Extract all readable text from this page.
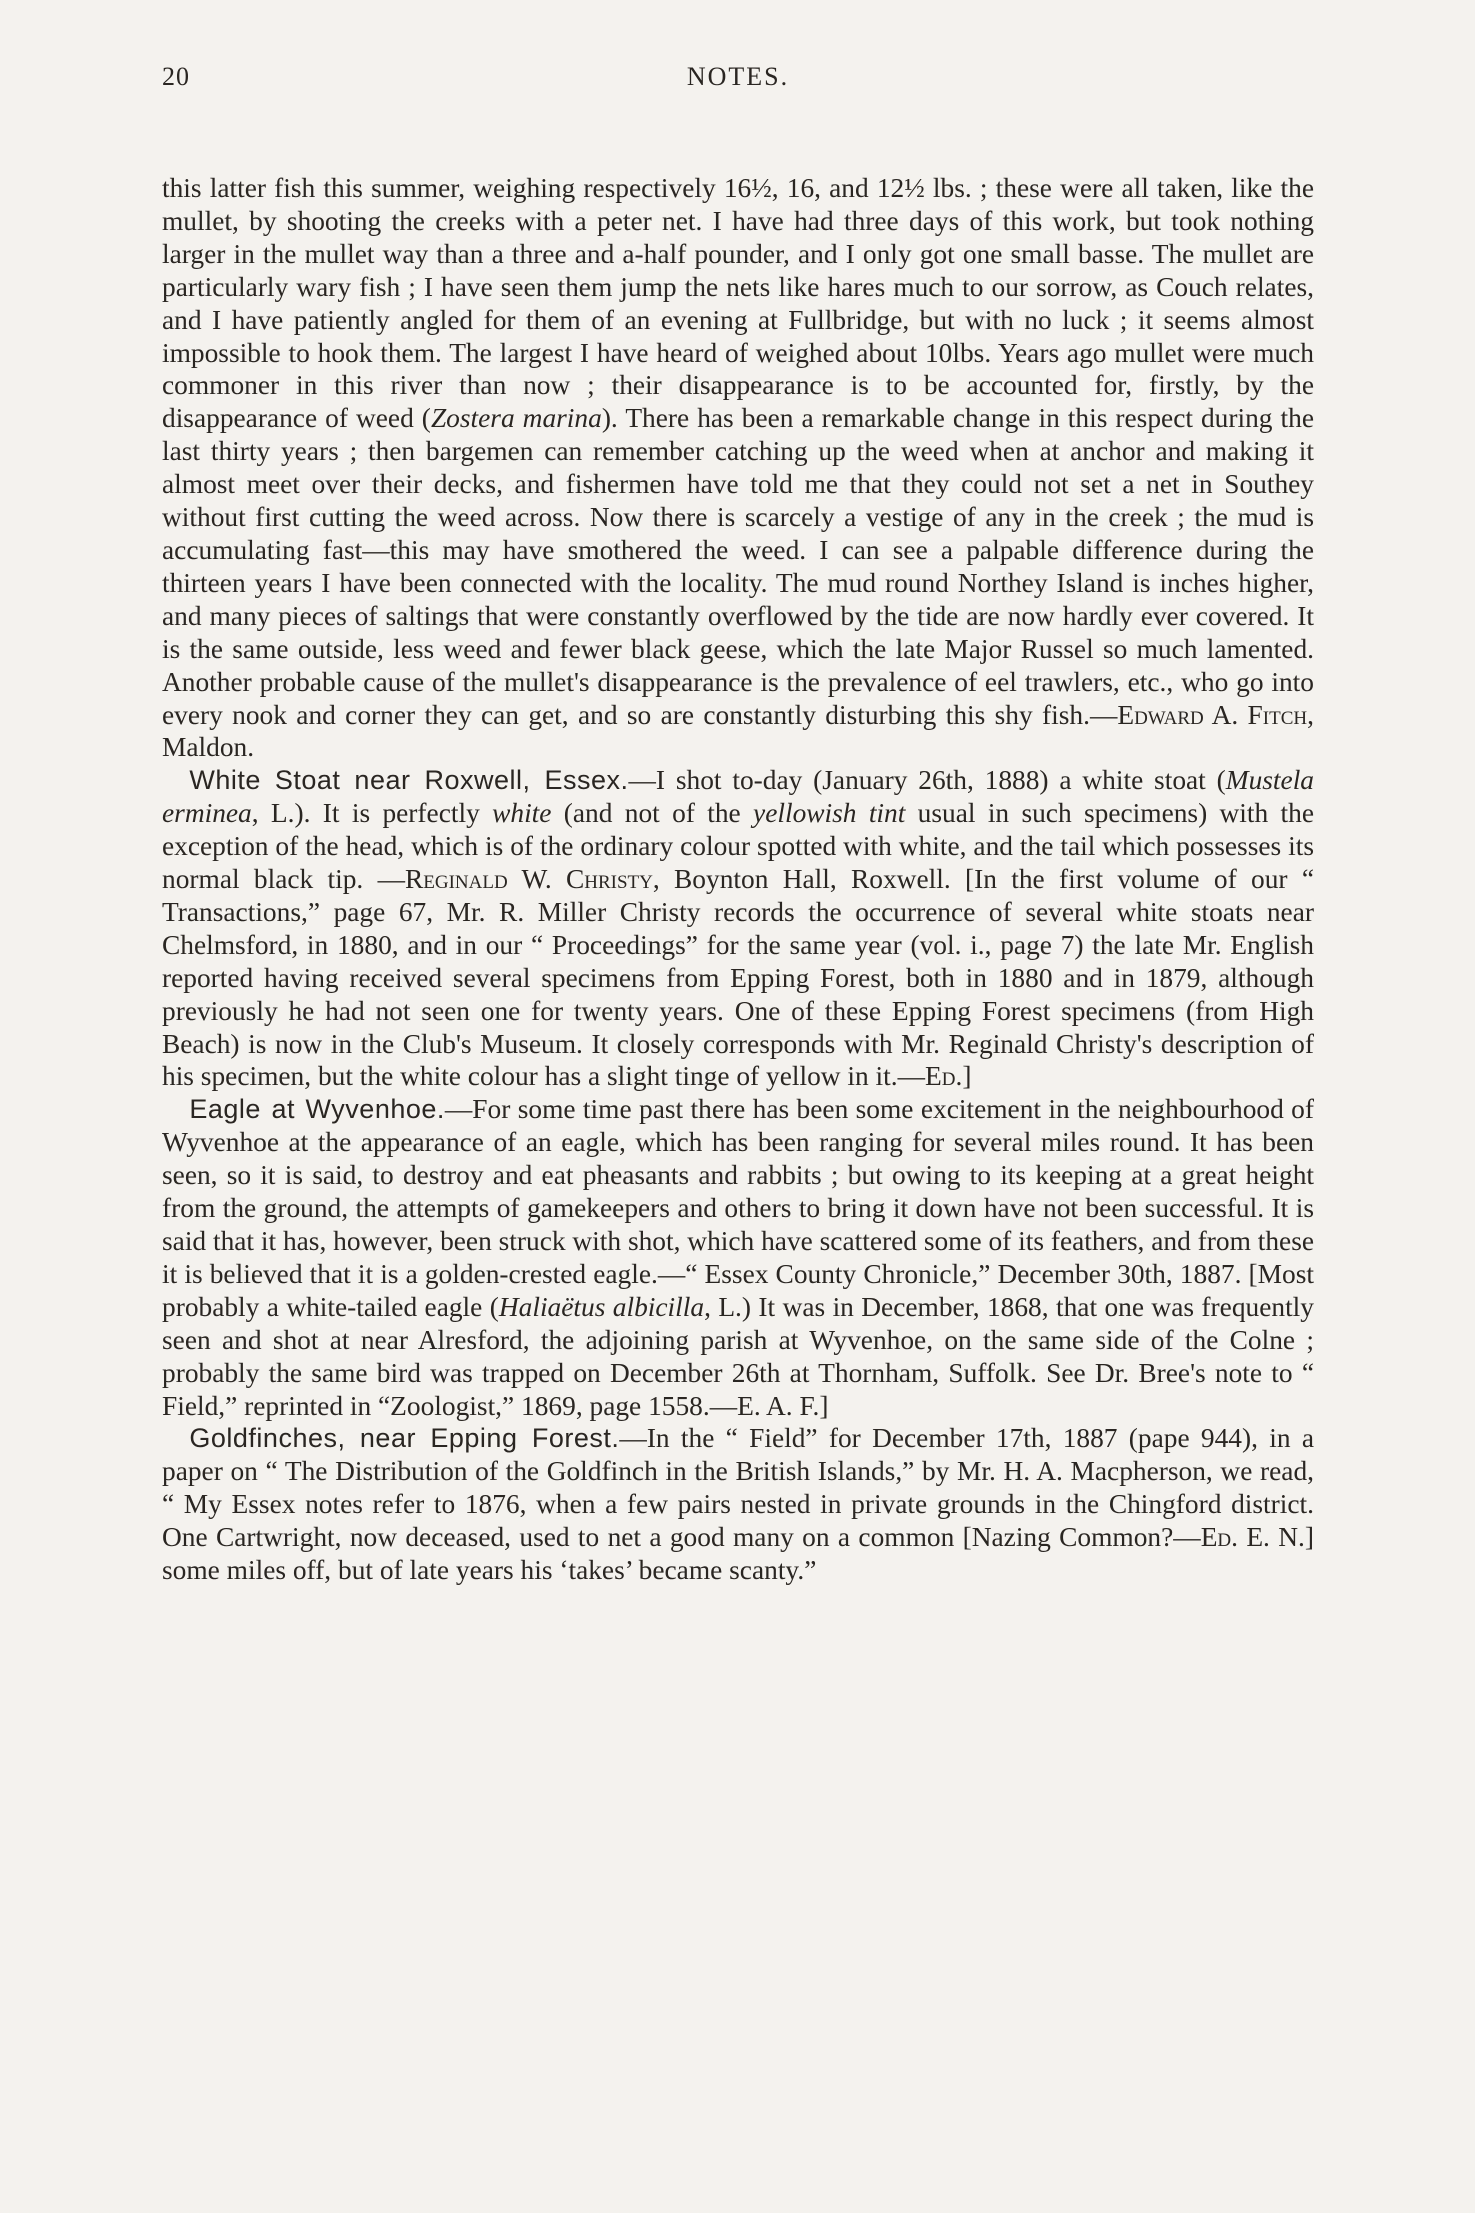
20	NOTES.

this latter fish this summer, weighing respectively 16½, 16, and 12½ lbs. ; these were all taken, like the mullet, by shooting the creeks with a peter net. I have had three days of this work, but took nothing larger in the mullet way than a three and a-half pounder, and I only got one small basse. The mullet are particularly wary fish ; I have seen them jump the nets like hares much to our sorrow, as Couch relates, and I have patiently angled for them of an evening at Fullbridge, but with no luck ; it seems almost impossible to hook them. The largest I have heard of weighed about 10lbs. Years ago mullet were much commoner in this river than now ; their disappearance is to be accounted for, firstly, by the disappearance of weed (Zostera marina). There has been a remarkable change in this respect during the last thirty years ; then bargemen can remember catching up the weed when at anchor and making it almost meet over their decks, and fishermen have told me that they could not set a net in Southey without first cutting the weed across. Now there is scarcely a vestige of any in the creek ; the mud is accumulating fast—this may have smothered the weed. I can see a palpable difference during the thirteen years I have been connected with the locality. The mud round Northey Island is inches higher, and many pieces of saltings that were constantly overflowed by the tide are now hardly ever covered. It is the same outside, less weed and fewer black geese, which the late Major Russel so much lamented. Another probable cause of the mullet's disappearance is the prevalence of eel trawlers, etc., who go into every nook and corner they can get, and so are constantly disturbing this shy fish.—Edward A. Fitch, Maldon.

 White Stoat near Roxwell, Essex.—I shot to-day (January 26th, 1888) a white stoat (Mustela erminea, L.). It is perfectly white (and not of the yellowish tint usual in such specimens) with the exception of the head, which is of the ordinary colour spotted with white, and the tail which possesses its normal black tip. —Reginald W. Christy, Boynton Hall, Roxwell. [In the first volume of our “ Transactions,” page 67, Mr. R. Miller Christy records the occurrence of several white stoats near Chelmsford, in 1880, and in our “ Proceedings” for the same year (vol. i., page 7) the late Mr. English reported having received several specimens from Epping Forest, both in 1880 and in 1879, although previously he had not seen one for twenty years. One of these Epping Forest specimens (from High Beach) is now in the Club's Museum. It closely corresponds with Mr. Reginald Christy's description of his specimen, but the white colour has a slight tinge of yellow in it.—Ed.]

 Eagle at Wyvenhoe.—For some time past there has been some excitement in the neighbourhood of Wyvenhoe at the appearance of an eagle, which has been ranging for several miles round. It has been seen, so it is said, to destroy and eat pheasants and rabbits ; but owing to its keeping at a great height from the ground, the attempts of gamekeepers and others to bring it down have not been successful. It is said that it has, however, been struck with shot, which have scattered some of its feathers, and from these it is believed that it is a golden-crested eagle.—“ Essex County Chronicle,” December 30th, 1887. [Most probably a white-tailed eagle (Haliaëtus albicilla, L.) It was in December, 1868, that one was frequently seen and shot at near Alresford, the adjoining parish at Wyvenhoe, on the same side of the Colne ; probably the same bird was trapped on December 26th at Thornham, Suffolk. See Dr. Bree's note to “ Field,” reprinted in “Zoologist,” 1869, page 1558.—E. A. F.]

 Goldfinches, near Epping Forest.—In the “ Field” for December 17th, 1887 (pape 944), in a paper on “ The Distribution of the Goldfinch in the British Islands,” by Mr. H. A. Macpherson, we read, “ My Essex notes refer to 1876, when a few pairs nested in private grounds in the Chingford district. One Cartwright, now deceased, used to net a good many on a common [Nazing Common?—Ed. E. N.] some miles off, but of late years his ‘takes’ became scanty.”
